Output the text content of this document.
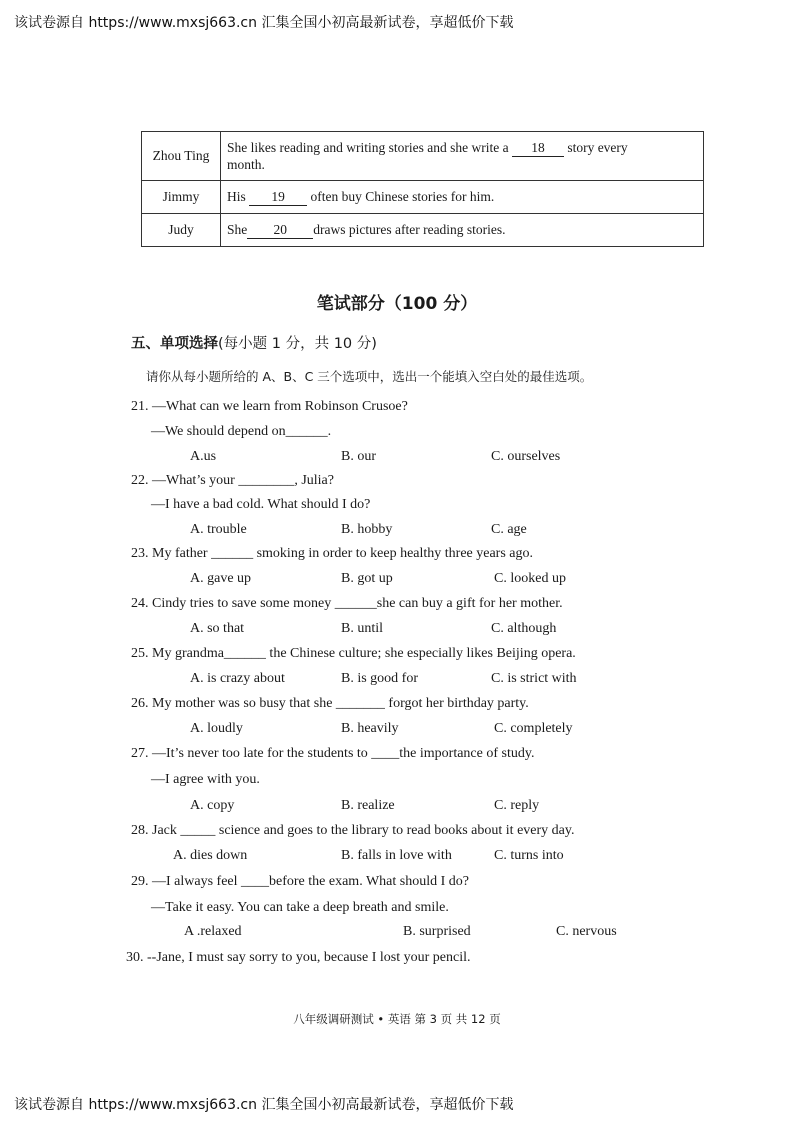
该试卷源自 https://www.mxsj663.cn 汇集全国小初高最新试卷，享超低价下载
Zhou Ting	She likes reading and writing stories and she write a 18 story every
month.

Jimmy	His 19 often buy Chinese stories for him.
Judy	She 20 draws pictures after reading stories.
笔试部分（100 分）
五、单项选择(每小题 1 分，共 10 分)
请你从每小题所给的 A、B、C 三个选项中，选出一个能填入空白处的最佳选项。
21. —What can we learn from Robinson Crusoe?
—We should depend on______.
A.us	B. our	C. ourselves
22. —What’s your ________, Julia?
—I have a bad cold. What should I do?
A. trouble	B. hobby	C. age
23. My father ______ smoking in order to keep healthy three years ago.
A. gave up	B. got up	C. looked up
24. Cindy tries to save some money ______she can buy a gift for her mother.
A. so that	B. until	C. although
25. My grandma______ the Chinese culture; she especially likes Beijing opera.
A. is crazy about	B. is good for	C. is strict with
26. My mother was so busy that she _______ forgot her birthday party.
A. loudly	B. heavily	C. completely
27. —It’s never too late for the students to ____the importance of study.
—I agree with you.
A. copy	B. realize	C. reply
28. Jack _____ science and goes to the library to read books about it every day.
A. dies down	B. falls in love with	C. turns into
29. —I always feel ____before the exam. What should I do?
—Take it easy. You can take a deep breath and smile.
A .relaxed	B. surprised	C. nervous
30. --Jane, I must say sorry to you, because I lost your pencil.
八年级调研测试 • 英语 第 3 页 共 12 页
该试卷源自 https://www.mxsj663.cn 汇集全国小初高最新试卷，享超低价下载
